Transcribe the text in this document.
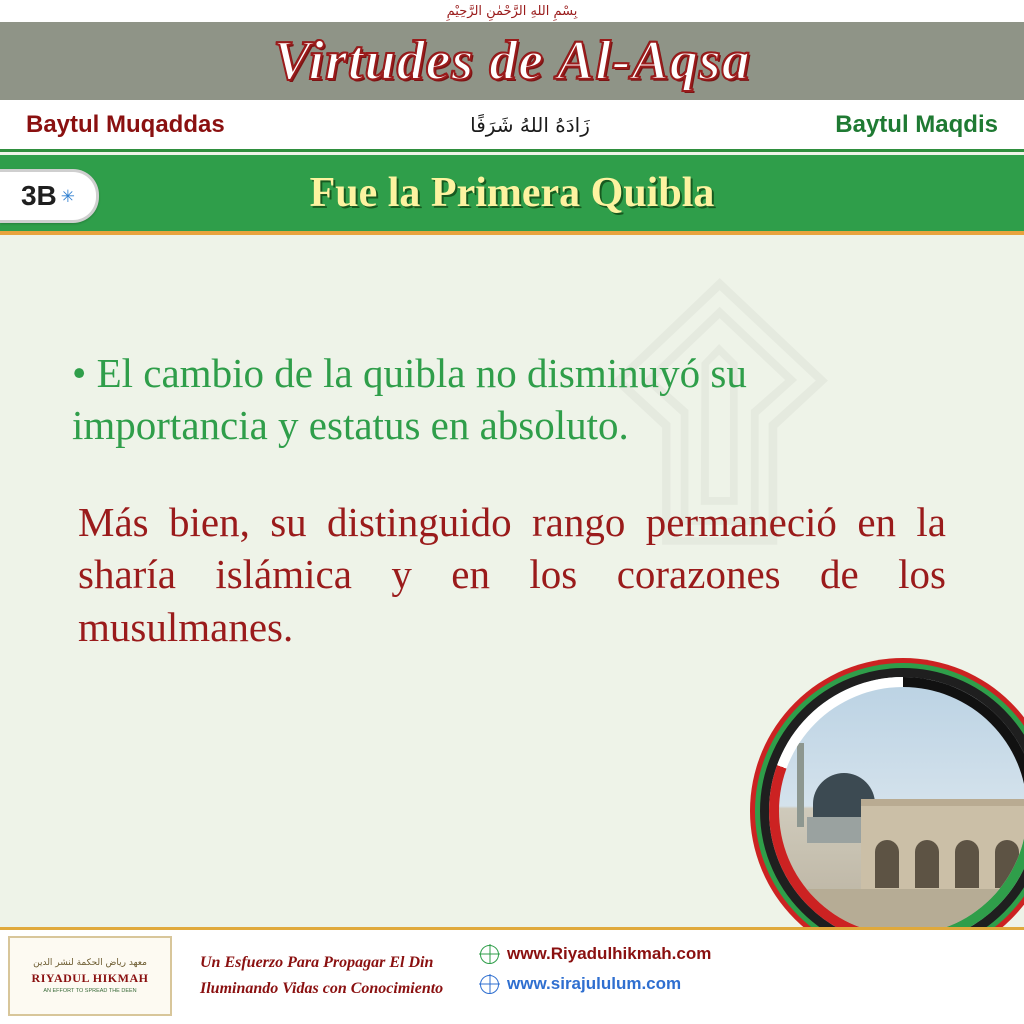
بِسْمِ اللهِ الرَّحْمٰنِ الرَّحِيْمِ
Virtudes de Al-Aqsa
Baytul Muqaddas	زَادَهُ اللهُ شَرَفًا	Baytul Maqdis
3B ✳	Fue la Primera Quibla

• El cambio de la quibla no disminuyó su importancia y estatus en absoluto.

Más bien, su distinguido rango permaneció en la sharía islámica y en los corazones de los musulmanes.

معهد رياض الحكمة لنشر الدين
RIYADUL HIKMAH
AN EFFORT TO SPREAD THE DEEN
Un Esfuerzo Para Propagar El Din
Iluminando Vidas con Conocimiento
www.Riyadulhikmah.com
www.sirajululum.com
